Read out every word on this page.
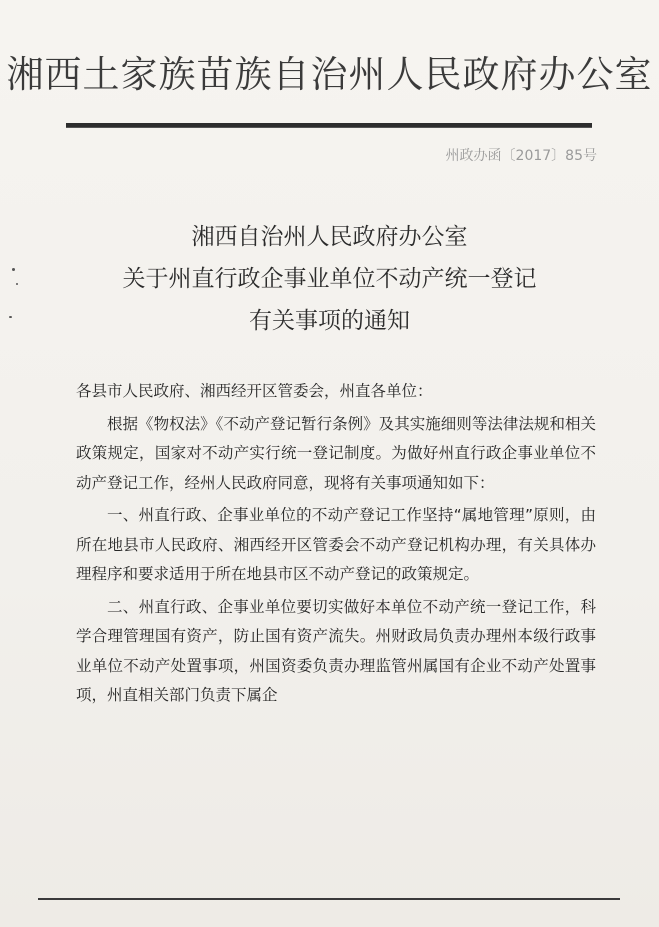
湘西土家族苗族自治州人民政府办公室
州政办函〔2017〕85号
湘西自治州人民政府办公室
关于州直行政企事业单位不动产统一登记
有关事项的通知

各县市人民政府、湘西经开区管委会，州直各单位：

根据《物权法》《不动产登记暂行条例》及其实施细则等法律法规和相关政策规定，国家对不动产实行统一登记制度。为做好州直行政企事业单位不动产登记工作，经州人民政府同意，现将有关事项通知如下：

一、州直行政、企事业单位的不动产登记工作坚持“属地管理”原则，由所在地县市人民政府、湘西经开区管委会不动产登记机构办理，有关具体办理程序和要求适用于所在地县市区不动产登记的政策规定。

二、州直行政、企事业单位要切实做好本单位不动产统一登记工作，科学合理管理国有资产，防止国有资产流失。州财政局负责办理州本级行政事业单位不动产处置事项，州国资委负责办理监管州属国有企业不动产处置事项，州直相关部门负责下属企
